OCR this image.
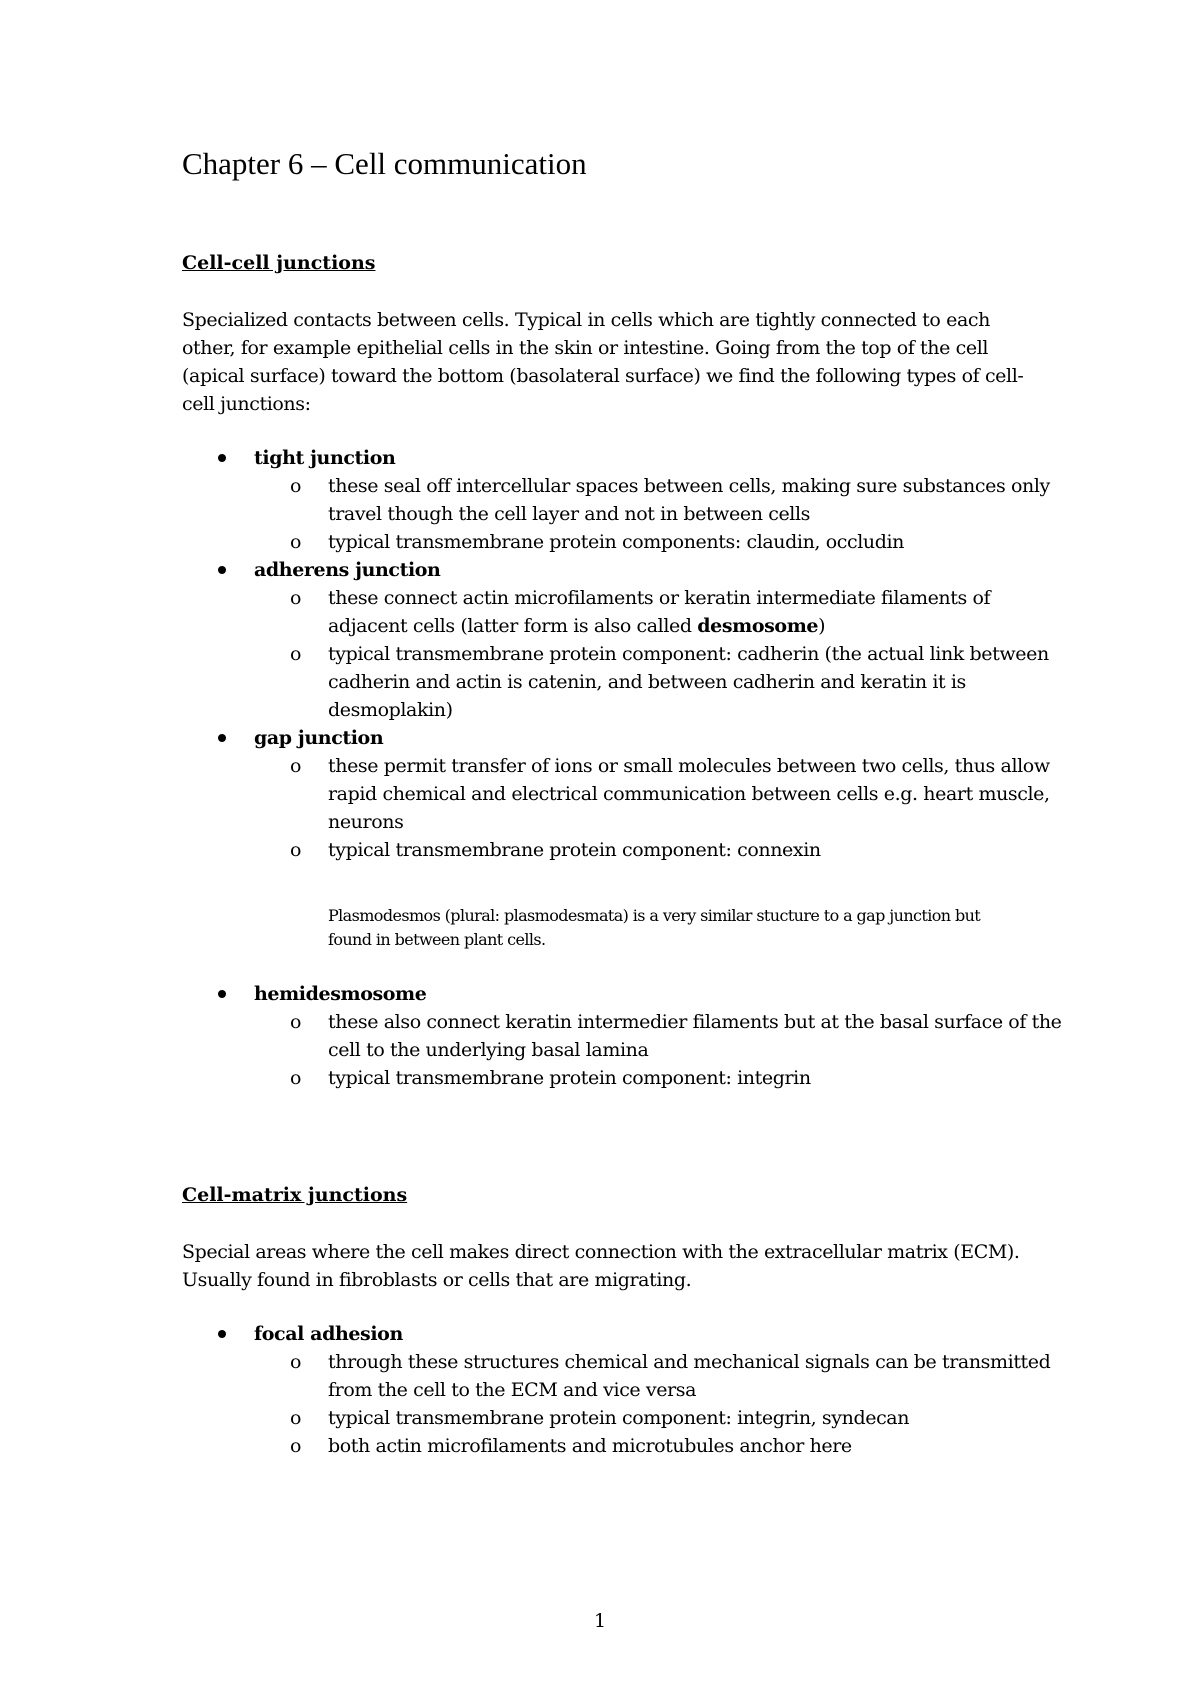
Chapter 6 – Cell communication
Cell-cell junctions

Specialized contacts between cells. Typical in cells which are tightly connected to each other, for example epithelial cells in the skin or intestine. Going from the top of the cell (apical surface) toward the bottom (basolateral surface) we find the following types of cell-cell junctions:

tight junction
o these seal off intercellular spaces between cells, making sure substances only travel though the cell layer and not in between cells
o typical transmembrane protein components: claudin, occludin
adherens junction
o these connect actin microfilaments or keratin intermediate filaments of adjacent cells (latter form is also called desmosome)
o typical transmembrane protein component: cadherin (the actual link between cadherin and actin is catenin, and between cadherin and keratin it is desmoplakin)
gap junction
o these permit transfer of ions or small molecules between two cells, thus allow rapid chemical and electrical communication between cells e.g. heart muscle, neurons
o typical transmembrane protein component: connexin

Plasmodesmos (plural: plasmodesmata) is a very similar stucture to a gap junction but found in between plant cells.

hemidesmosome
o these also connect keratin intermedier filaments but at the basal surface of the cell to the underlying basal lamina
o typical transmembrane protein component: integrin
Cell-matrix junctions

Special areas where the cell makes direct connection with the extracellular matrix (ECM). Usually found in fibroblasts or cells that are migrating.

focal adhesion
o through these structures chemical and mechanical signals can be transmitted from the cell to the ECM and vice versa
o typical transmembrane protein component: integrin, syndecan
o both actin microfilaments and microtubules anchor here

1
